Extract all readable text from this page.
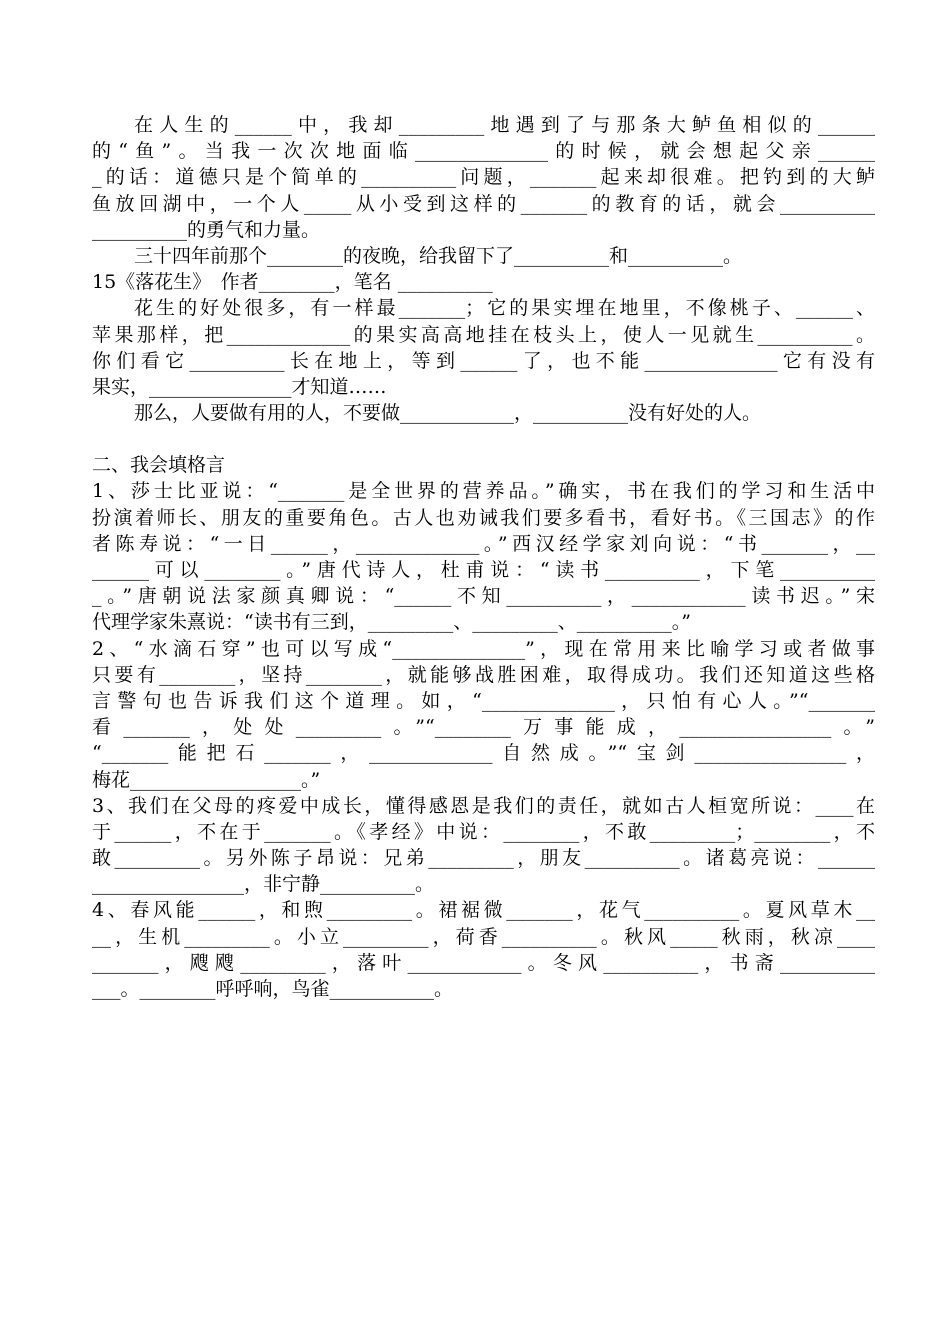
在人生的______中，我却_________地遇到了与那条大鲈鱼相似的______
的“鱼”。当我一次次地面临______________的时候，就会想起父亲______
_的话：道德只是个简单的__________问题，_______起来却很难。把钓到的大鲈
鱼放回湖中，一个人_____从小受到这样的_______的教育的话，就会__________
__________的勇气和力量。
三十四年前那个________的夜晚，给我留下了__________和__________。
15《落花生》　作者________，笔名 __________
花生的好处很多，有一样最_______；它的果实埋在地里，不像桃子、______、
苹果那样，把_____________的果实高高地挂在枝头上，使人一见就生__________。
你们看它__________长在地上，等到______了，也不能______________它有没有
果实，_______________才知道……
那么，人要做有用的人，不要做____________，__________没有好处的人。
二、我会填格言
1、莎士比亚说：“_______是全世界的营养品。”确实，书在我们的学习和生活中
扮演着师长、朋友的重要角色。古人也劝诫我们要多看书，看好书。《三国志》的作
者陈寿说：“一日______，_____________。”西汉经学家刘向说：“书_______，__
______可以________。”唐代诗人，杜甫说：“读书__________，下笔__________
_。”唐朝说法家颜真卿说：“______不知__________，____________读书迟。”宋
代理学家朱熹说：“读书有三到，_________、_________、__________。”
2、“水滴石穿”也可以写成“______________”，现在常用来比喻学习或者做事
只要有________，坚持________，就能够战胜困难，取得成功。我们还知道这些格
言警句也告诉我们这个道理。如，“______________，只怕有心人。”“_______
看_______，处处_________。”“________万事能成，________________。”
“_______能把石_______，_____________自然成。”“宝剑________________，
梅花__________________。”
3、我们在父母的疼爱中成长，懂得感恩是我们的责任，就如古人桓宽所说：____在
于______，不在于_______。《孝经》中说：________，不敢_________；________，不
敢_________。另外陈子昂说：兄弟_________，朋友__________。诸葛亮说：______
________________，非宁静__________。
4、春风能______，和煦_________。裙裾微_______，花气__________。夏风草木__
__，生机_________。小立_________，荷香__________。秋风_____秋雨，秋凉____
_______，飕飕_________，落叶____________。冬风__________，书斋__________
___。________呼呼响，鸟雀___________。
